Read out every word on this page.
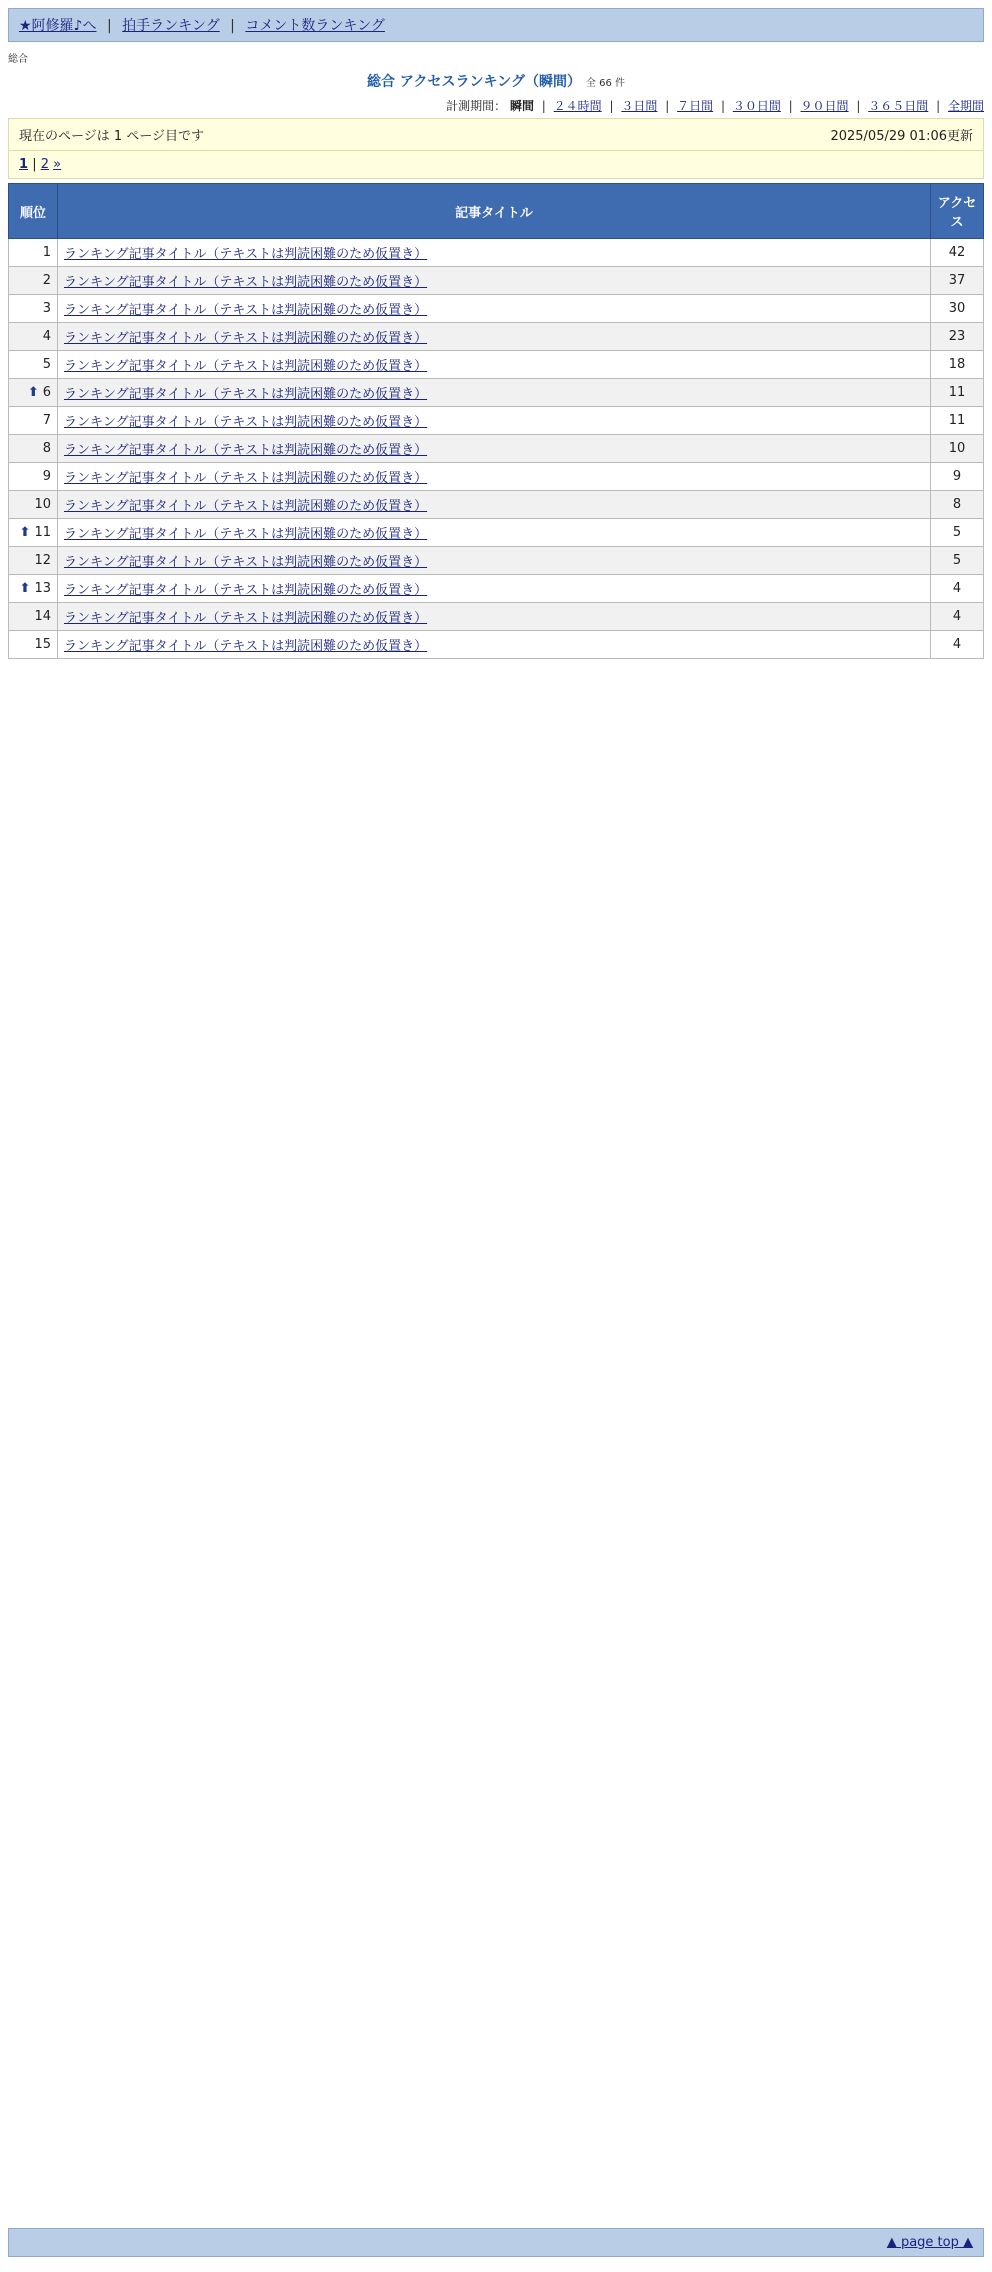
★阿修羅♪へ | 拍手ランキング | コメント数ランキング
総合
総合 アクセスランキング（瞬間） 全 66 件
計測期間： 瞬間 | ２４時間 | ３日間 | ７日間 | ３０日間 | ９０日間 | ３６５日間 | 全期間
現在のページは 1 ページ目です	2025/05/29 01:06更新
1 | 2 »
順位	記事タイトル	アクセス
1	ランキング記事タイトル（テキストは判読困難のため仮置き）	42
2	ランキング記事タイトル（テキストは判読困難のため仮置き）	37
3	ランキング記事タイトル（テキストは判読困難のため仮置き）	30
4	ランキング記事タイトル（テキストは判読困難のため仮置き）	23
5	ランキング記事タイトル（テキストは判読困難のため仮置き）	18
⬆ 6	ランキング記事タイトル（テキストは判読困難のため仮置き）	11
7	ランキング記事タイトル（テキストは判読困難のため仮置き）	11
8	ランキング記事タイトル（テキストは判読困難のため仮置き）	10
9	ランキング記事タイトル（テキストは判読困難のため仮置き）	9
10	ランキング記事タイトル（テキストは判読困難のため仮置き）	8
⬆ 11	ランキング記事タイトル（テキストは判読困難のため仮置き）	5
12	ランキング記事タイトル（テキストは判読困難のため仮置き）	5
⬆ 13	ランキング記事タイトル（テキストは判読困難のため仮置き）	4
14	ランキング記事タイトル（テキストは判読困難のため仮置き）	4
15	ランキング記事タイトル（テキストは判読困難のため仮置き）	4
▲ page top ▲
